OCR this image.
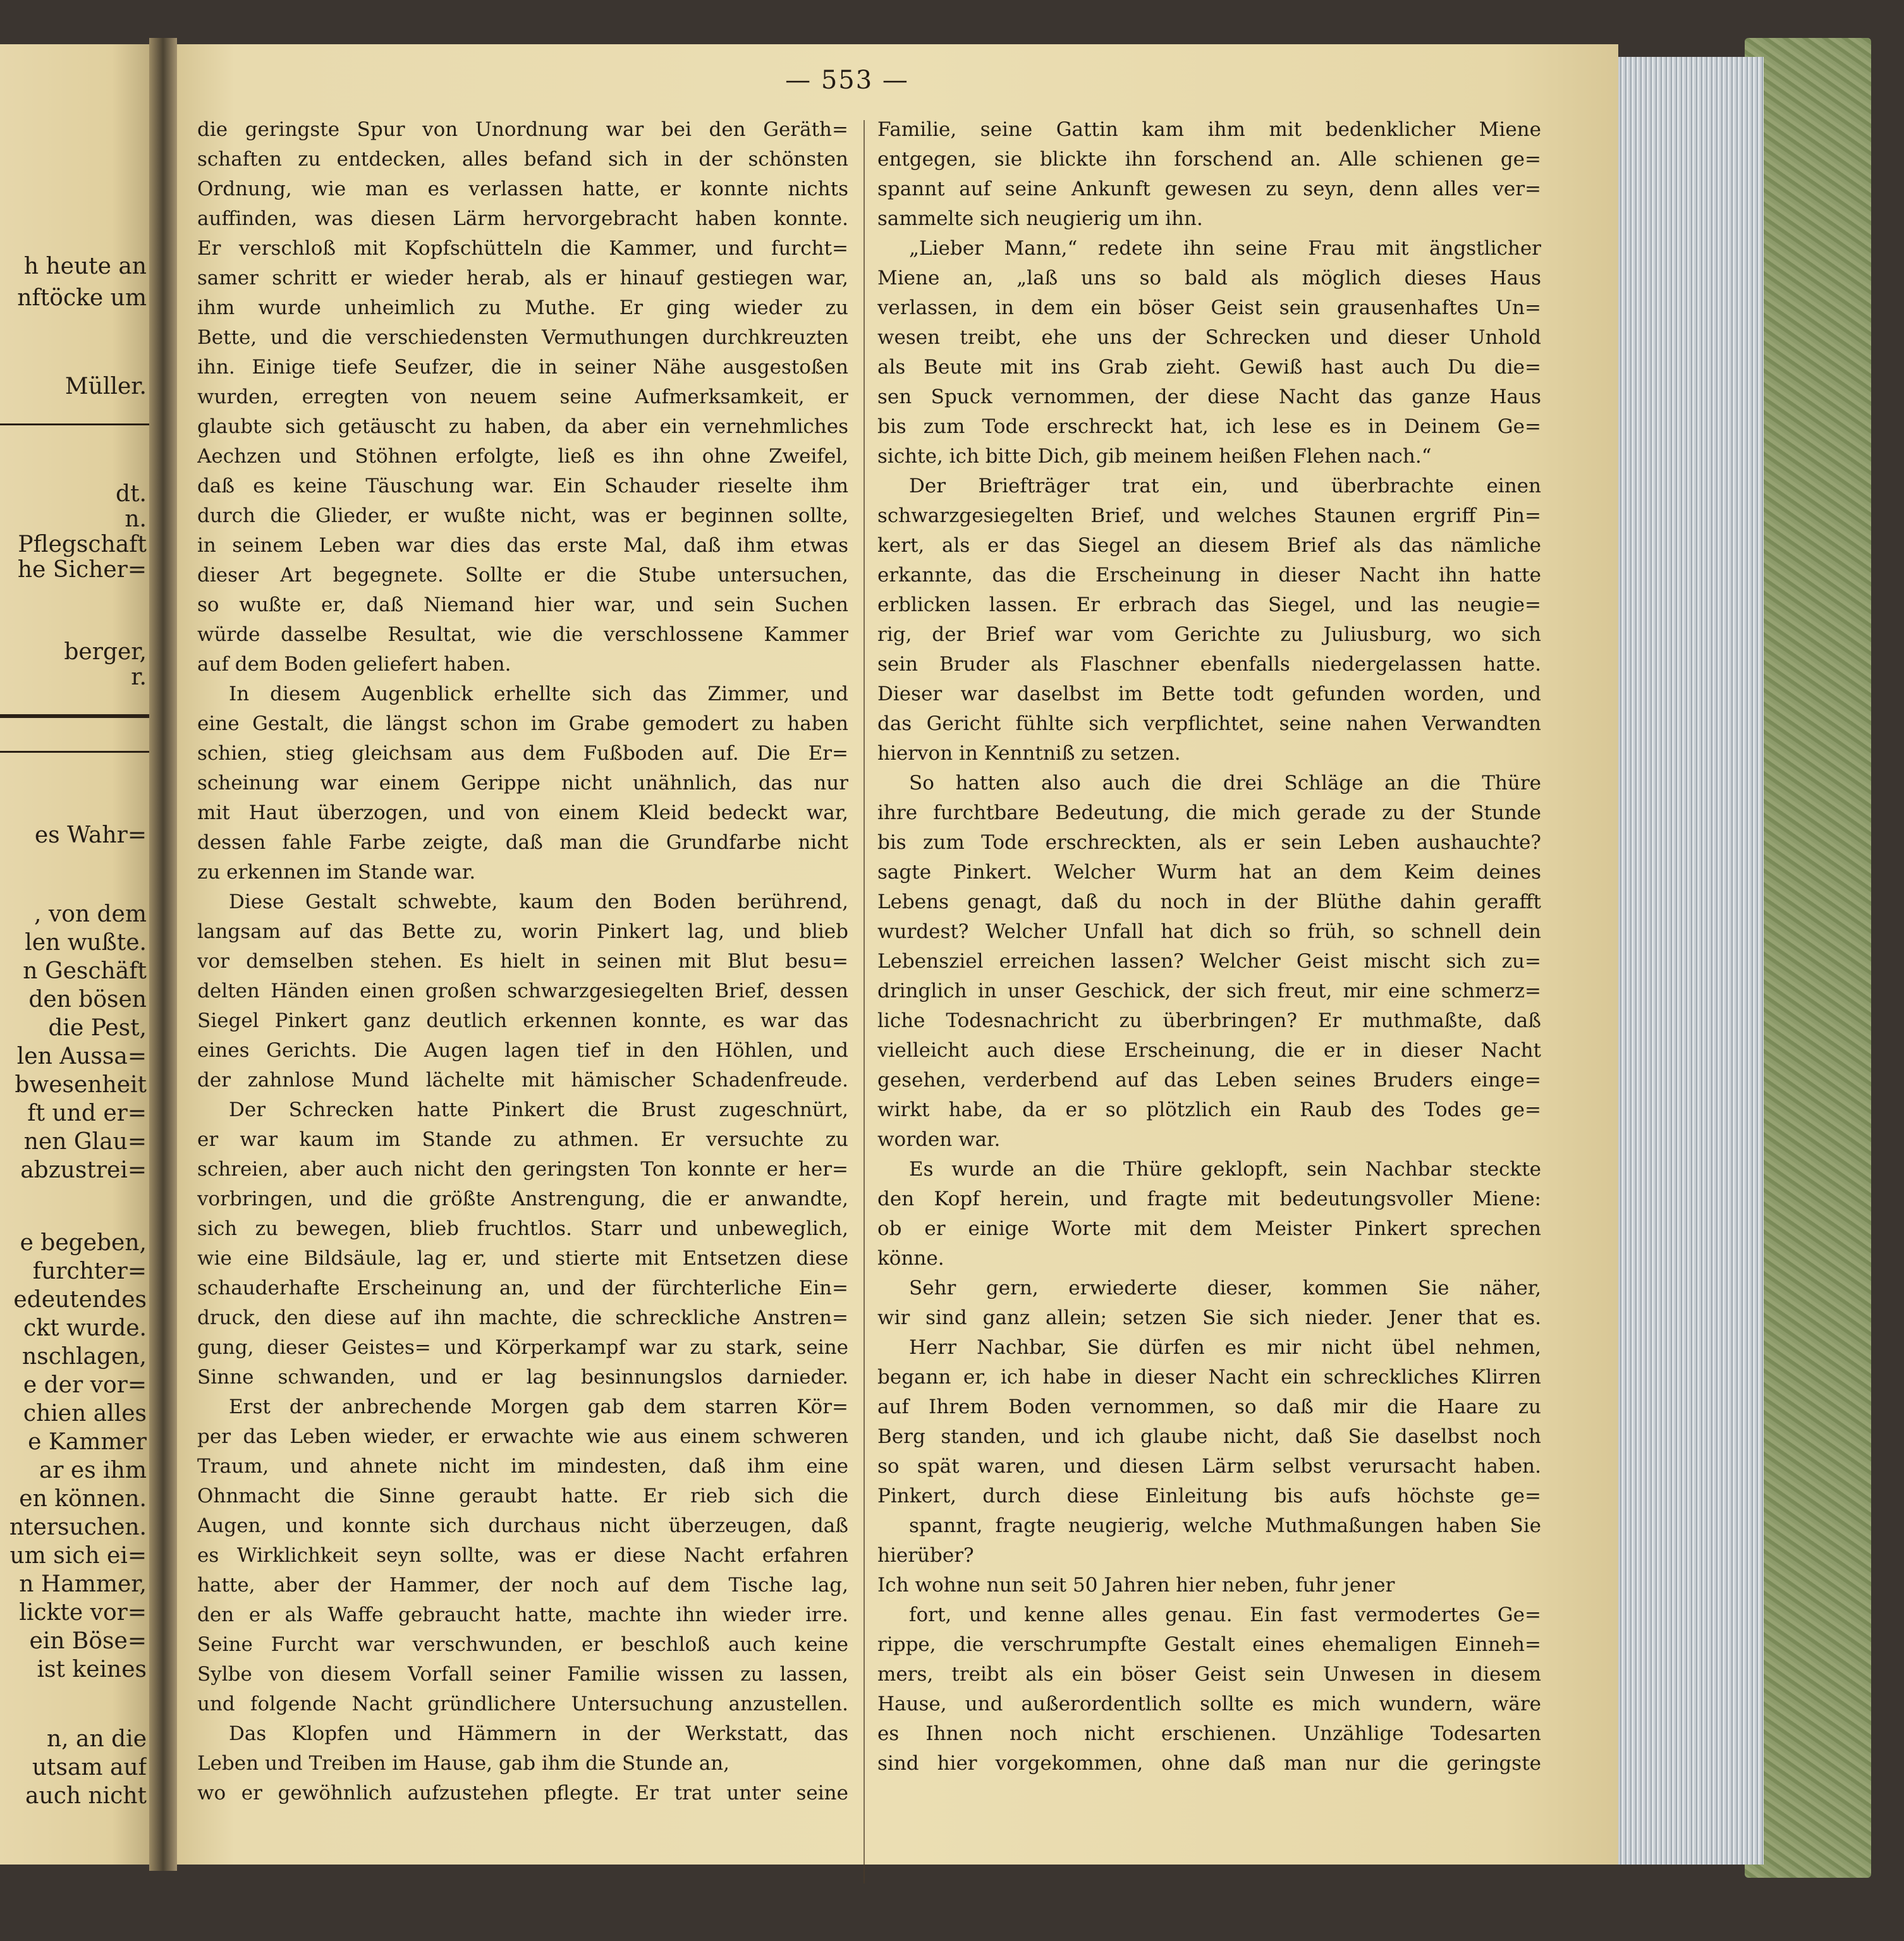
h heute an
nftöcke um
Müller.
dt.
n.
Pflegschaft
he Sicher=
berger,
r.
es Wahr=
, von dem
len wußte.
n Geschäft
den bösen
die Pest,
len Aussa=
bwesenheit
ft und er=
nen Glau=
abzustrei=
e begeben,
furchter=
edeutendes
ckt wurde.
nschlagen,
e der vor=
chien alles
e Kammer
ar es ihm
en können.
ntersuchen.
um sich ei=
n Hammer,
lickte vor=
ein Böse=
ist keines
n, an die
utsam auf
auch nicht
— 553 —

die geringste Spur von Unordnung war bei den Geräth=

schaften zu entdecken, alles befand sich in der schönsten

Ordnung, wie man es verlassen hatte, er konnte nichts

auffinden, was diesen Lärm hervorgebracht haben konnte.

Er verschloß mit Kopfschütteln die Kammer, und furcht=

samer schritt er wieder herab, als er hinauf gestiegen war,

ihm wurde unheimlich zu Muthe. Er ging wieder zu

Bette, und die verschiedensten Vermuthungen durchkreuzten

ihn. Einige tiefe Seufzer, die in seiner Nähe ausgestoßen

wurden, erregten von neuem seine Aufmerksamkeit, er

glaubte sich getäuscht zu haben, da aber ein vernehmliches

Aechzen und Stöhnen erfolgte, ließ es ihn ohne Zweifel,

daß es keine Täuschung war. Ein Schauder rieselte ihm

durch die Glieder, er wußte nicht, was er beginnen sollte,

in seinem Leben war dies das erste Mal, daß ihm etwas

dieser Art begegnete. Sollte er die Stube untersuchen,

so wußte er, daß Niemand hier war, und sein Suchen

würde dasselbe Resultat, wie die verschlossene Kammer

auf dem Boden geliefert haben.

In diesem Augenblick erhellte sich das Zimmer, und

eine Gestalt, die längst schon im Grabe gemodert zu haben

schien, stieg gleichsam aus dem Fußboden auf. Die Er=

scheinung war einem Gerippe nicht unähnlich, das nur

mit Haut überzogen, und von einem Kleid bedeckt war,

dessen fahle Farbe zeigte, daß man die Grundfarbe nicht

zu erkennen im Stande war.

Diese Gestalt schwebte, kaum den Boden berührend,

langsam auf das Bette zu, worin Pinkert lag, und blieb

vor demselben stehen. Es hielt in seinen mit Blut besu=

delten Händen einen großen schwarzgesiegelten Brief, dessen

Siegel Pinkert ganz deutlich erkennen konnte, es war das

eines Gerichts. Die Augen lagen tief in den Höhlen, und

der zahnlose Mund lächelte mit hämischer Schadenfreude.

Der Schrecken hatte Pinkert die Brust zugeschnürt,

er war kaum im Stande zu athmen. Er versuchte zu

schreien, aber auch nicht den geringsten Ton konnte er her=

vorbringen, und die größte Anstrengung, die er anwandte,

sich zu bewegen, blieb fruchtlos. Starr und unbeweglich,

wie eine Bildsäule, lag er, und stierte mit Entsetzen diese

schauderhafte Erscheinung an, und der fürchterliche Ein=

druck, den diese auf ihn machte, die schreckliche Anstren=

gung, dieser Geistes= und Körperkampf war zu stark, seine

Sinne schwanden, und er lag besinnungslos darnieder.

Erst der anbrechende Morgen gab dem starren Kör=

per das Leben wieder, er erwachte wie aus einem schweren

Traum, und ahnete nicht im mindesten, daß ihm eine

Ohnmacht die Sinne geraubt hatte. Er rieb sich die

Augen, und konnte sich durchaus nicht überzeugen, daß

es Wirklichkeit seyn sollte, was er diese Nacht erfahren

hatte, aber der Hammer, der noch auf dem Tische lag,

den er als Waffe gebraucht hatte, machte ihn wieder irre.

Seine Furcht war verschwunden, er beschloß auch keine

Sylbe von diesem Vorfall seiner Familie wissen zu lassen,

und folgende Nacht gründlichere Untersuchung anzustellen.

Das Klopfen und Hämmern in der Werkstatt, das

Leben und Treiben im Hause, gab ihm die Stunde an,

wo er gewöhnlich aufzustehen pflegte. Er trat unter seine

Familie, seine Gattin kam ihm mit bedenklicher Miene

entgegen, sie blickte ihn forschend an. Alle schienen ge=

spannt auf seine Ankunft gewesen zu seyn, denn alles ver=

sammelte sich neugierig um ihn.

„Lieber Mann,“ redete ihn seine Frau mit ängstlicher

Miene an, „laß uns so bald als möglich dieses Haus

verlassen, in dem ein böser Geist sein grausenhaftes Un=

wesen treibt, ehe uns der Schrecken und dieser Unhold

als Beute mit ins Grab zieht. Gewiß hast auch Du die=

sen Spuck vernommen, der diese Nacht das ganze Haus

bis zum Tode erschreckt hat, ich lese es in Deinem Ge=

sichte, ich bitte Dich, gib meinem heißen Flehen nach.“

Der Briefträger trat ein, und überbrachte einen

schwarzgesiegelten Brief, und welches Staunen ergriff Pin=

kert, als er das Siegel an diesem Brief als das nämliche

erkannte, das die Erscheinung in dieser Nacht ihn hatte

erblicken lassen. Er erbrach das Siegel, und las neugie=

rig, der Brief war vom Gerichte zu Juliusburg, wo sich

sein Bruder als Flaschner ebenfalls niedergelassen hatte.

Dieser war daselbst im Bette todt gefunden worden, und

das Gericht fühlte sich verpflichtet, seine nahen Verwandten

hiervon in Kenntniß zu setzen.

So hatten also auch die drei Schläge an die Thüre

ihre furchtbare Bedeutung, die mich gerade zu der Stunde

bis zum Tode erschreckten, als er sein Leben aushauchte?

sagte Pinkert. Welcher Wurm hat an dem Keim deines

Lebens genagt, daß du noch in der Blüthe dahin gerafft

wurdest? Welcher Unfall hat dich so früh, so schnell dein

Lebensziel erreichen lassen? Welcher Geist mischt sich zu=

dringlich in unser Geschick, der sich freut, mir eine schmerz=

liche Todesnachricht zu überbringen? Er muthmaßte, daß

vielleicht auch diese Erscheinung, die er in dieser Nacht

gesehen, verderbend auf das Leben seines Bruders einge=

wirkt habe, da er so plötzlich ein Raub des Todes ge=

worden war.

Es wurde an die Thüre geklopft, sein Nachbar steckte

den Kopf herein, und fragte mit bedeutungsvoller Miene:

ob er einige Worte mit dem Meister Pinkert sprechen

könne.

Sehr gern, erwiederte dieser, kommen Sie näher,

wir sind ganz allein; setzen Sie sich nieder. Jener that es.

Herr Nachbar, Sie dürfen es mir nicht übel nehmen,

begann er, ich habe in dieser Nacht ein schreckliches Klirren

auf Ihrem Boden vernommen, so daß mir die Haare zu

Berg standen, und ich glaube nicht, daß Sie daselbst noch

so spät waren, und diesen Lärm selbst verursacht haben.

Pinkert, durch diese Einleitung bis aufs höchste ge=

spannt, fragte neugierig, welche Muthmaßungen haben Sie

hierüber?

Ich wohne nun seit 50 Jahren hier neben, fuhr jener

fort, und kenne alles genau. Ein fast vermodertes Ge=

rippe, die verschrumpfte Gestalt eines ehemaligen Einneh=

mers, treibt als ein böser Geist sein Unwesen in diesem

Hause, und außerordentlich sollte es mich wundern, wäre

es Ihnen noch nicht erschienen. Unzählige Todesarten

sind hier vorgekommen, ohne daß man nur die geringste
